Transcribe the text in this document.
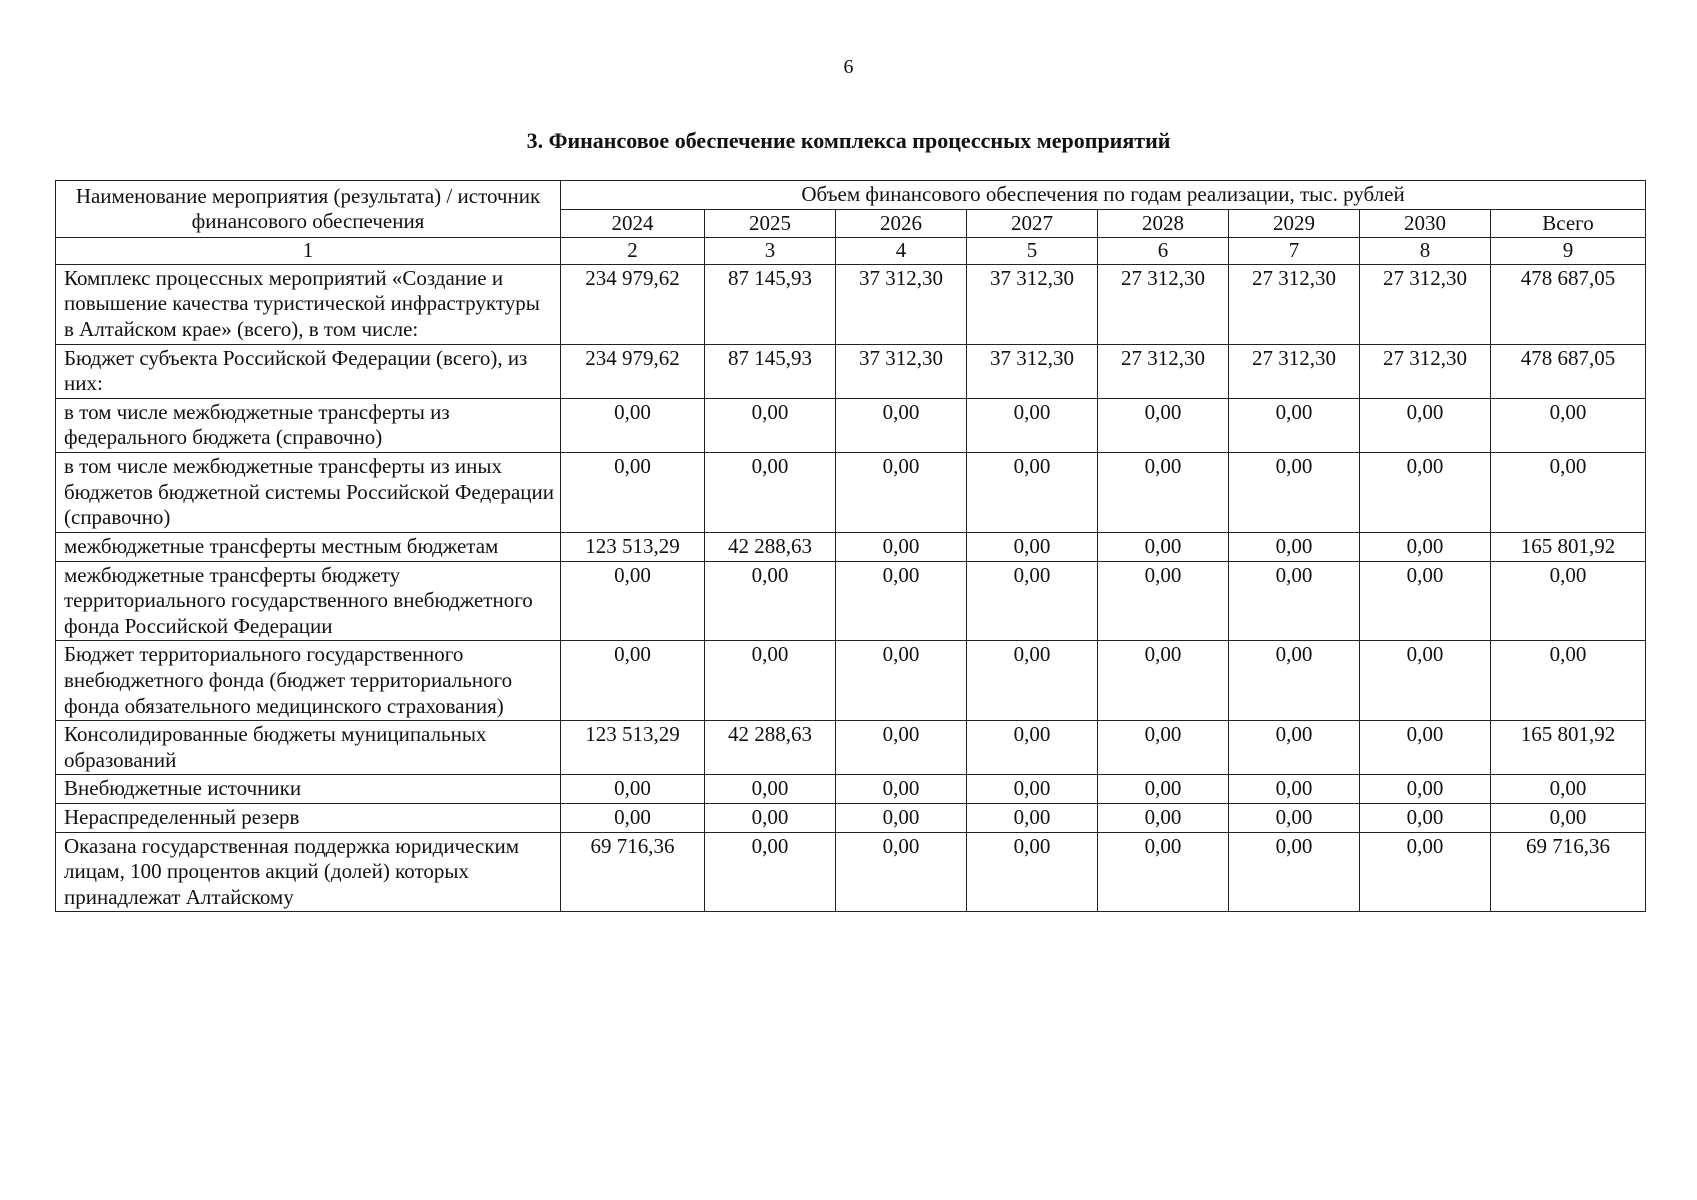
6
3. Финансовое обеспечение комплекса процессных мероприятий
Наименование мероприятия (результата) / источник финансового обеспечения	Объем финансового обеспечения по годам реализации, тыс. рублей							
	2024	2025	2026	2027	2028	2029	2030	Всего
1	2	3	4	5	6	7	8	9
Комплекс процессных мероприятий «Создание и повышение качества туристической инфраструктуры в Алтайском крае» (всего), в том числе:	234 979,62	87 145,93	37 312,30	37 312,30	27 312,30	27 312,30	27 312,30	478 687,05
Бюджет субъекта Российской Федерации (всего), из них:	234 979,62	87 145,93	37 312,30	37 312,30	27 312,30	27 312,30	27 312,30	478 687,05
в том числе межбюджетные трансферты из федерального бюджета (справочно)	0,00	0,00	0,00	0,00	0,00	0,00	0,00	0,00
в том числе межбюджетные трансферты из иных бюджетов бюджетной системы Российской Федерации (справочно)	0,00	0,00	0,00	0,00	0,00	0,00	0,00	0,00
межбюджетные трансферты местным бюджетам	123 513,29	42 288,63	0,00	0,00	0,00	0,00	0,00	165 801,92
межбюджетные трансферты бюджету территориального государственного внебюджетного фонда Российской Федерации	0,00	0,00	0,00	0,00	0,00	0,00	0,00	0,00
Бюджет территориального государственного внебюджетного фонда (бюджет территориального фонда обязательного медицинского страхования)	0,00	0,00	0,00	0,00	0,00	0,00	0,00	0,00
Консолидированные бюджеты муниципальных образований	123 513,29	42 288,63	0,00	0,00	0,00	0,00	0,00	165 801,92
Внебюджетные источники	0,00	0,00	0,00	0,00	0,00	0,00	0,00	0,00
Нераспределенный резерв	0,00	0,00	0,00	0,00	0,00	0,00	0,00	0,00
Оказана государственная поддержка юридическим лицам, 100 процентов акций (долей) которых принадлежат Алтайскому	69 716,36	0,00	0,00	0,00	0,00	0,00	0,00	69 716,36
